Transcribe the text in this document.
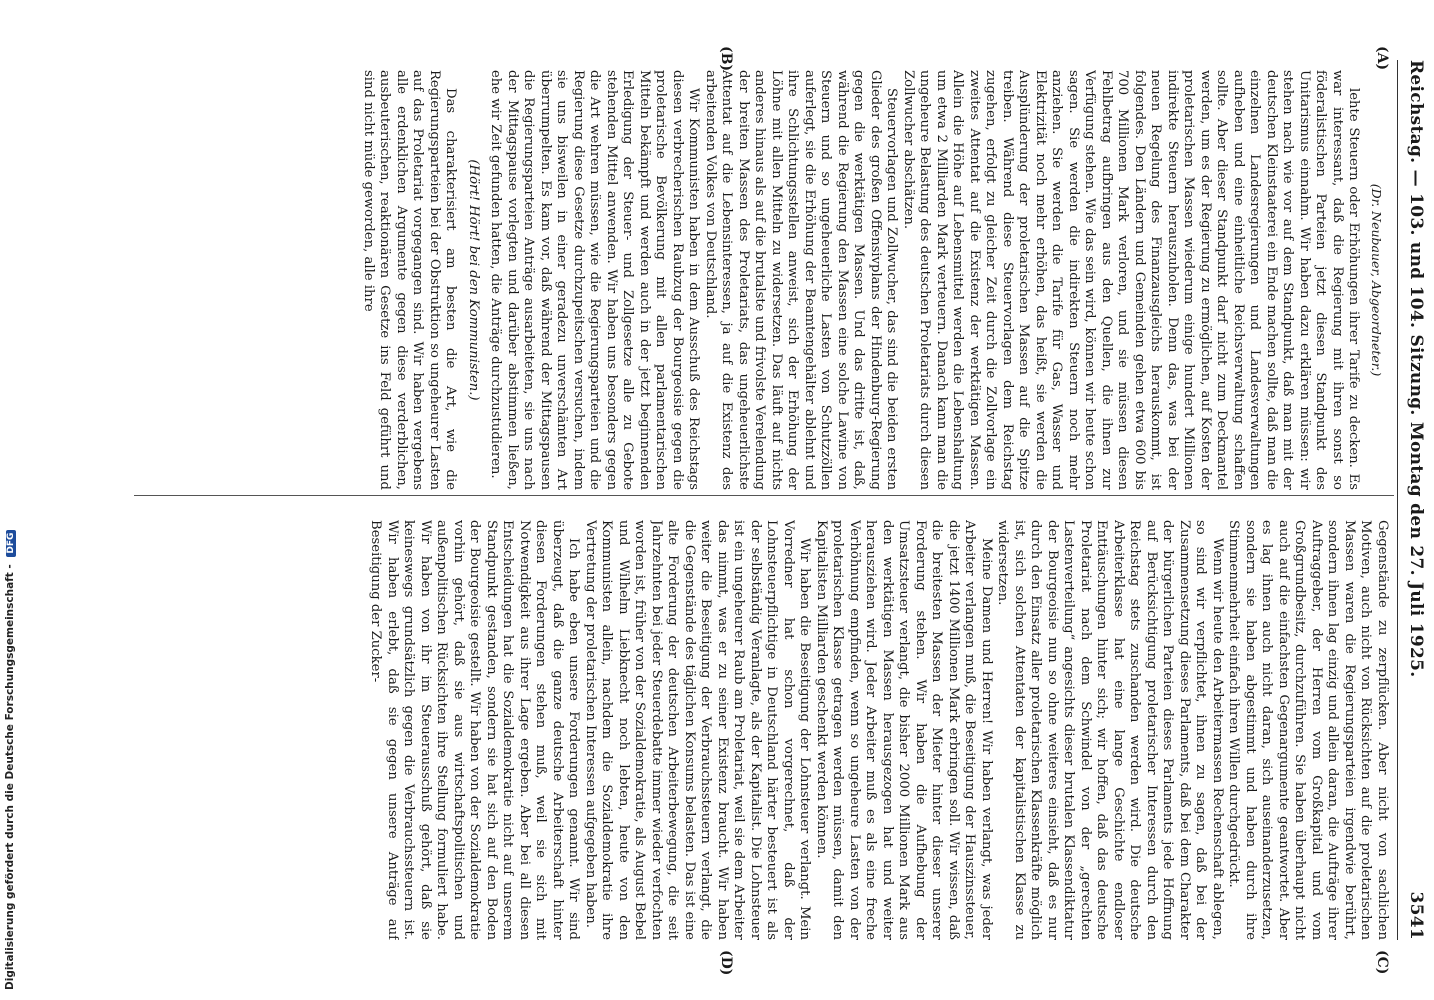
Reichstag. — 103. und 104. Sitzung. Montag den 27. Juli 1925.
3541
(A)
(B)
(C)
(D)

(Dr. Neubauer, Abgeordneter.)

lehte Steuern oder Erhöhungen ihrer Tarife zu decken. Es war interessant, daß die Regierung mit ihren sonst so föderalistischen Parteien jetzt diesen Standpunkt des Unitarismus einnahm. Wir haben dazu erklären müssen: wir stehen nach wie vor auf dem Standpunkt, daß man mit der deutschen Kleinstaaterei ein Ende machen sollte, daß man die einzelnen Landesregierungen und Landesverwaltungen aufheben und eine einheitliche Reichsverwaltung schaffen sollte. Aber dieser Standpunkt darf nicht zum Deckmantel werden, um es der Regierung zu ermöglichen, auf Kosten der proletarischen Massen wiederum einige hundert Millionen indirekte Steuern herauszuholen. Denn das, was bei der neuen Regelung des Finanzausgleichs herauskommt, ist folgendes. Den Ländern und Gemeinden gehen etwa 600 bis 700 Millionen Mark verloren, und sie müssen diesen Fehlbetrag aufbringen aus den Quellen, die ihnen zur Verfügung stehen. Wie das sein wird, können wir heute schon sagen. Sie werden die indirekten Steuern noch mehr anziehen. Sie werden die Tarife für Gas, Wasser und Elektrizität noch mehr erhöhen, das heißt, sie werden die Ausplünderung der proletarischen Massen auf die Spitze treiben. Während diese Steuervorlagen dem Reichstag zugehen, erfolgt zu gleicher Zeit durch die Zollvorlage ein zweites Attentat auf die Existenz der werktätigen Massen. Allein die Höhe auf Lebensmittel werden die Lebenshaltung um etwa 2 Milliarden Mark verteuern. Danach kann man die ungeheure Belastung des deutschen Proletariats durch diesen Zollwucher abschätzen.

Steuervorlagen und Zollwucher, das sind die beiden ersten Glieder des großen Offensivplans der Hindenburg-Regierung gegen die werktätigen Massen. Und das dritte ist, daß, während die Regierung den Massen eine solche Lawine von Steuern und so ungeheuerliche Lasten von Schutzzöllen auferlegt, sie die Erhöhung der Beamtengehälter ablehnt und ihre Schlichtungsstellen anweist, sich der Erhöhung der Löhne mit allen Mitteln zu widersetzen. Das läuft auf nichts anderes hinaus als auf die brutalste und frivolste Verelendung der breiten Massen des Proletariats, das ungeheuerlichste Attentat auf die Lebensinteressen, ja auf die Existenz des arbeitenden Volkes von Deutschland.

Wir Kommunisten haben in dem Ausschuß des Reichstags diesen verbrecherischen Raubzug der Bourgeoisie gegen die proletarische Bevölkerung mit allen parlamentarischen Mitteln bekämpft und werden auch in der jetzt beginnenden Erledigung der Steuer- und Zollgesetze alle zu Gebote stehenden Mittel anwenden. Wir haben uns besonders gegen die Art wehren müssen, wie die Regierungsparteien und die Regierung diese Gesetze durchzupeitschen versuchen, indem sie uns bisweilen in einer geradezu unverschämten Art überrumpelten. Es kam vor, daß während der Mittagspausen die Regierungsparteien Anträge ausarbeiteten, sie uns nach der Mittagspause vorlegten und darüber abstimmen ließen, ehe wir Zeit gefunden hatten, die Anträge durchzustudieren.

(Hört! Hört! bei den Kommunisten.)

Das charakterisiert am besten die Art, wie die Regierungsparteien bei der Obstruktion so ungeheurer Lasten auf das Proletariat vorgegangen sind. Wir haben vergebens alle erdenklichen Argumente gegen diese verderblichen, ausbeuterischen, reaktionären Gesetze ins Feld geführt und sind nicht müde geworden, alle ihre

Gegenstände zu zerpflücken. Aber nicht von sachlichen Motiven, auch nicht von Rücksichten auf die proletarischen Massen waren die Regierungsparteien irgendwie berührt, sondern ihnen lag einzig und allein daran, die Aufträge ihrer Auftraggeber, der Herren vom Großkapital und vom Großgrundbesitz, durchzuführen. Sie haben überhaupt nicht auch auf die einfachsten Gegenargumente geantwortet. Aber es lag ihnen auch nicht daran, sich auseinanderzusetzen, sondern sie haben abgestimmt und haben durch ihre Stimmenmehrheit einfach ihren Willen durchgedrückt.

Wenn wir heute den Arbeitermassen Rechenschaft ablegen, so sind wir verpflichtet, ihnen zu sagen, daß bei der Zusammensetzung dieses Parlaments, daß bei dem Charakter der bürgerlichen Parteien dieses Parlaments jede Hoffnung auf Berücksichtigung proletarischer Interessen durch den Reichstag stets zuschanden werden wird. Die deutsche Arbeiterklasse hat eine lange Geschichte endloser Enttäuschungen hinter sich; wir hoffen, daß das deutsche Proletariat nach dem Schwindel von der „gerechten Lastenverteilung“ angesichts dieser brutalen Klassendiktatur der Bourgeoisie nun so ohne weiteres einsieht, daß es nur durch den Einsatz aller proletarischen Klassenkräfte möglich ist, sich solchen Attentaten der kapitalistischen Klasse zu widersetzen.

Meine Damen und Herren! Wir haben verlangt, was jeder Arbeiter verlangen muß, die Beseitigung der Hauszinssteuer, die jetzt 1400 Millionen Mark erbringen soll. Wir wissen, daß die breitesten Massen der Mieter hinter dieser unserer Forderung stehen. Wir haben die Aufhebung der Umsatzsteuer verlangt, die bisher 2000 Millionen Mark aus den werktätigen Massen herausgezogen hat und weiter herausziehen wird. Jeder Arbeiter muß es als eine freche Verhöhnung empfinden, wenn so ungeheure Lasten von der proletarischen Klasse getragen werden müssen, damit den Kapitalisten Milliarden geschenkt werden können.

Wir haben die Beseitigung der Lohnsteuer verlangt. Mein Vorredner hat schon vorgerechnet, daß der Lohnsteuerpflichtige in Deutschland härter besteuert ist als der selbständig Veranlagte, als der Kapitalist. Die Lohnsteuer ist ein ungeheurer Raub am Proletariat, weil sie dem Arbeiter das nimmt, was er zu seiner Existenz braucht. Wir haben weiter die Beseitigung der Verbrauchssteuern verlangt, die die Gegenstände des täglichen Konsums belasten. Das ist eine alte Forderung der deutschen Arbeiterbewegung, die seit Jahrzehnten bei jeder Steuerdebatte immer wieder verfochten worden ist, früher von der Sozialdemokratie, als August Bebel und Wilhelm Liebknecht noch lebten, heute von den Kommunisten allein, nachdem die Sozialdemokratie ihre Vertretung der proletarischen Interessen aufgegeben haben.

Ich habe eben unsere Forderungen genannt. Wir sind überzeugt, daß die ganze deutsche Arbeiterschaft hinter diesen Forderungen stehen muß, weil sie sich mit Notwendigkeit aus ihrer Lage ergeben. Aber bei all diesen Entscheidungen hat die Sozialdemokratie nicht auf unserem Standpunkt gestanden, sondern sie hat sich auf den Boden der Bourgeoisie gestellt. Wir haben von der Sozialdemokratie vorhin gehört, daß sie aus wirtschaftspolitischen und außenpolitischen Rücksichten ihre Stellung formuliert habe. Wir haben von ihr im Steuerausschuß gehört, daß sie keineswegs grundsätzlich gegen die Verbrauchssteuern ist. Wir haben erlebt, daß sie gegen unsere Anträge auf Beseitigung der Zucker-

Digitalisierung gefördert durch die Deutsche Forschungsgemeinschaft - DFG
